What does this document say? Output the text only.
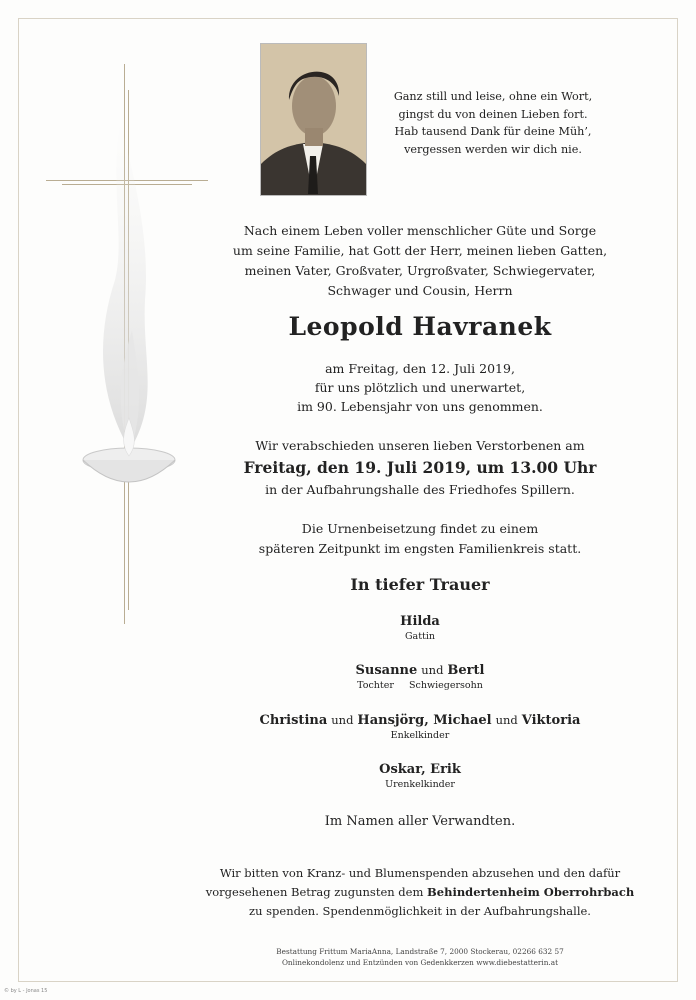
Ganz still und leise, ohne ein Wort,
gingst du von deinen Lieben fort.
Hab tausend Dank für deine Müh’,
vergessen werden wir dich nie.
Nach einem Leben voller menschlicher Güte und Sorge
um seine Familie, hat Gott der Herr, meinen lieben Gatten,
meinen Vater, Großvater, Urgroßvater, Schwiegervater,
Schwager und Cousin, Herrn
Leopold Havranek
am Freitag, den 12. Juli 2019,
für uns plötzlich und unerwartet,
im 90. Lebensjahr von uns genommen.
Wir verabschieden unseren lieben Verstorbenen am
Freitag, den 19. Juli 2019, um 13.00 Uhr
in der Aufbahrungshalle des Friedhofes Spillern.
Die Urnenbeisetzung findet zu einem
späteren Zeitpunkt im engsten Familienkreis statt.
In tiefer Trauer
Hilda
Gattin
Susanne und Bertl
Tochter Schwiegersohn
Christina und Hansjörg, Michael und Viktoria
Enkelkinder
Oskar, Erik
Urenkelkinder
Im Namen aller Verwandten.
Wir bitten von Kranz- und Blumenspenden abzusehen und den dafür
vorgesehenen Betrag zugunsten dem Behindertenheim Oberrohrbach
zu spenden. Spendenmöglichkeit in der Aufbahrungshalle.
Bestattung Frittum MariaAnna, Landstraße 7, 2000 Stockerau, 02266 632 57
Onlinekondolenz und Entzünden von Gedenkkerzen www.diebestatterin.at
© by L - Jonas 15
